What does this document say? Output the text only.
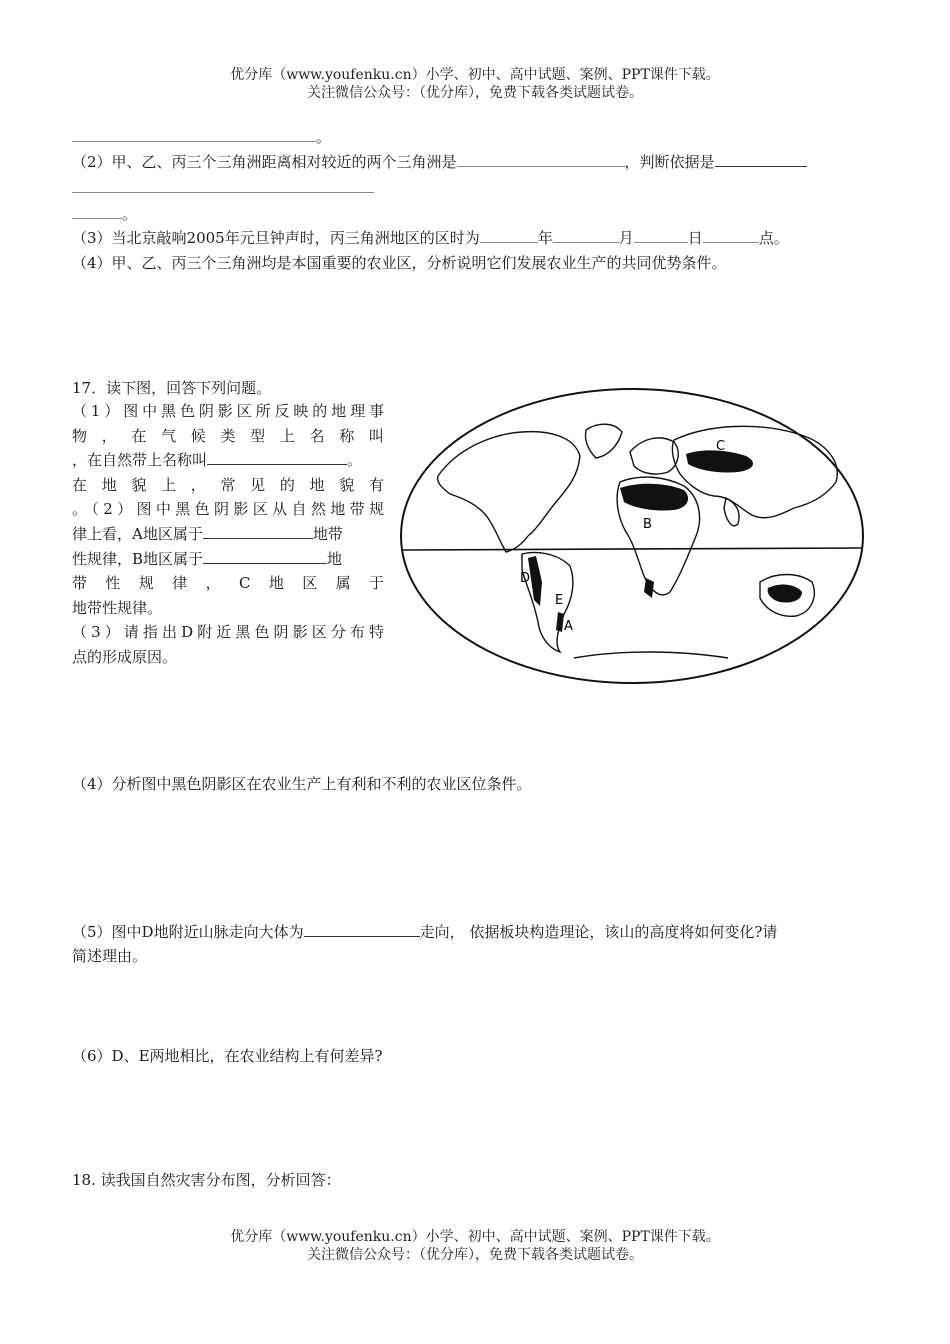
优分库（www.youfenku.cn）小学、初中、高中试题、案例、PPT课件下载。
关注微信公众号：（优分库），免费下载各类试题试卷。
。
（2）甲、乙、丙三个三角洲距离相对较近的两个三角洲是	，判断依据是
。
（3）当北京敲响2005年元旦钟声时，丙三角洲地区的区时为	年	月	日	点。
（4）甲、乙、丙三个三角洲均是本国重要的农业区，分析说明它们发展农业生产的共同优势条件。
17．读下图，回答下列问题。
（1）图中黑色阴影区所反映的地理事
物 ， 在 气 候 类 型 上 名 称 叫
，在自然带上名称叫	。
在 地 貌 上 ， 常 见 的 地 貌 有
。（2）图中黑色阴影区从自然地带规
律上看，A地区属于	地带
性规律，B地区属于	地
带 性 规 律 ， C 地 区 属 于
地带性规律。
（3）请指出D附近黑色阴影区分布特
点的形成原因。
D
E
A
B
C
（4）分析图中黑色阴影区在农业生产上有利和不利的农业区位条件。
（5）图中D地附近山脉走向大体为	走向， 依据板块构造理论，该山的高度将如何变化?请
简述理由。
（6）D、E两地相比，在农业结构上有何差异?
18. 读我国自然灾害分布图，分析回答：
优分库（www.youfenku.cn）小学、初中、高中试题、案例、PPT课件下载。
关注微信公众号：（优分库），免费下载各类试题试卷。
